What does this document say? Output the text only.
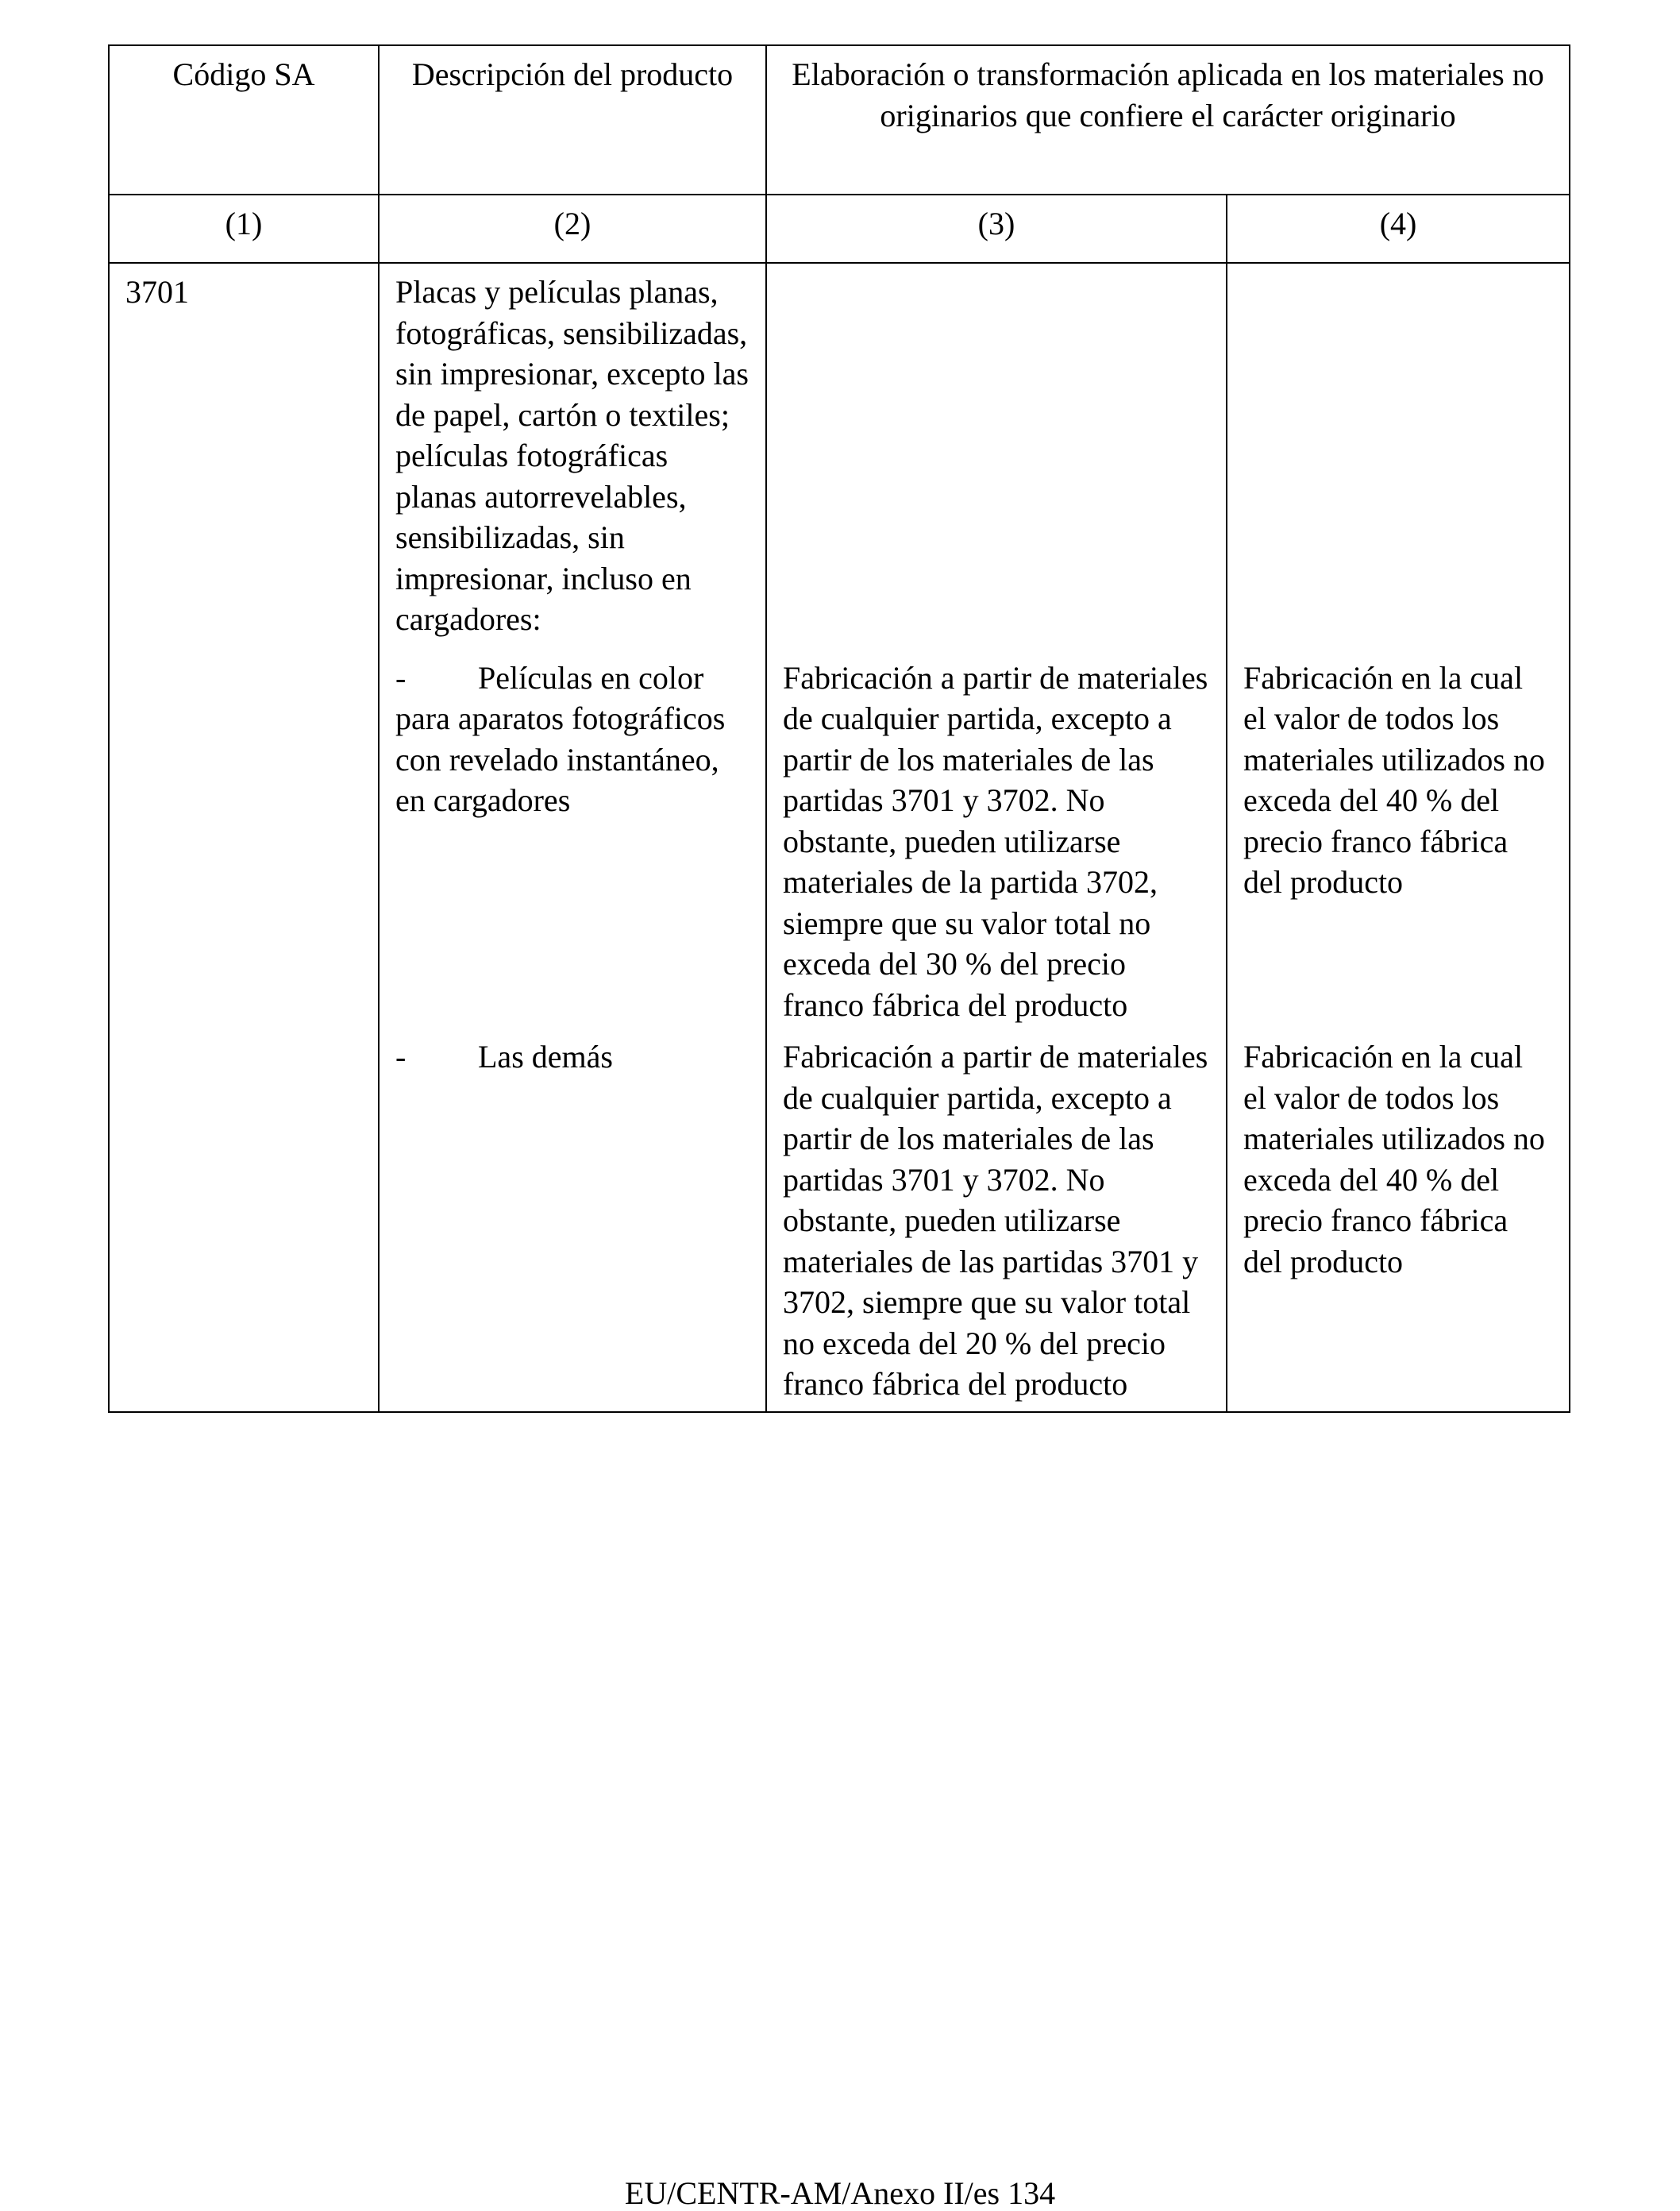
Código SA	Descripción del producto	Elaboración o transformación aplicada en los materiales no originarios que confiere el carácter originario	
(1)	(2)	(3)	(4)
3701	Placas y películas planas, fotográficas, sensibilizadas, sin impresionar, excepto las de papel, cartón o textiles; películas fotográficas planas autorrevelables, sensibilizadas, sin impresionar, incluso en cargadores:		

	- Películas en color para aparatos fotográficos con revelado instantáneo, en cargadores	Fabricación a partir de materiales de cualquier partida, excepto a partir de los materiales de las partidas 3701 y 3702. No obstante, pueden utilizarse materiales de la partida 3702, siempre que su valor total no exceda del 30 % del precio franco fábrica del producto	Fabricación en la cual el valor de todos los materiales utilizados no exceda del 40 % del precio franco fábrica del producto

	- Las demás	Fabricación a partir de materiales de cualquier partida, excepto a partir de los materiales de las partidas 3701 y 3702. No obstante, pueden utilizarse materiales de las partidas 3701 y 3702, siempre que su valor total no exceda del 20 % del precio franco fábrica del producto	Fabricación en la cual el valor de todos los materiales utilizados no exceda del 40 % del precio franco fábrica del producto
EU/CENTR-AM/Anexo II/es 134
